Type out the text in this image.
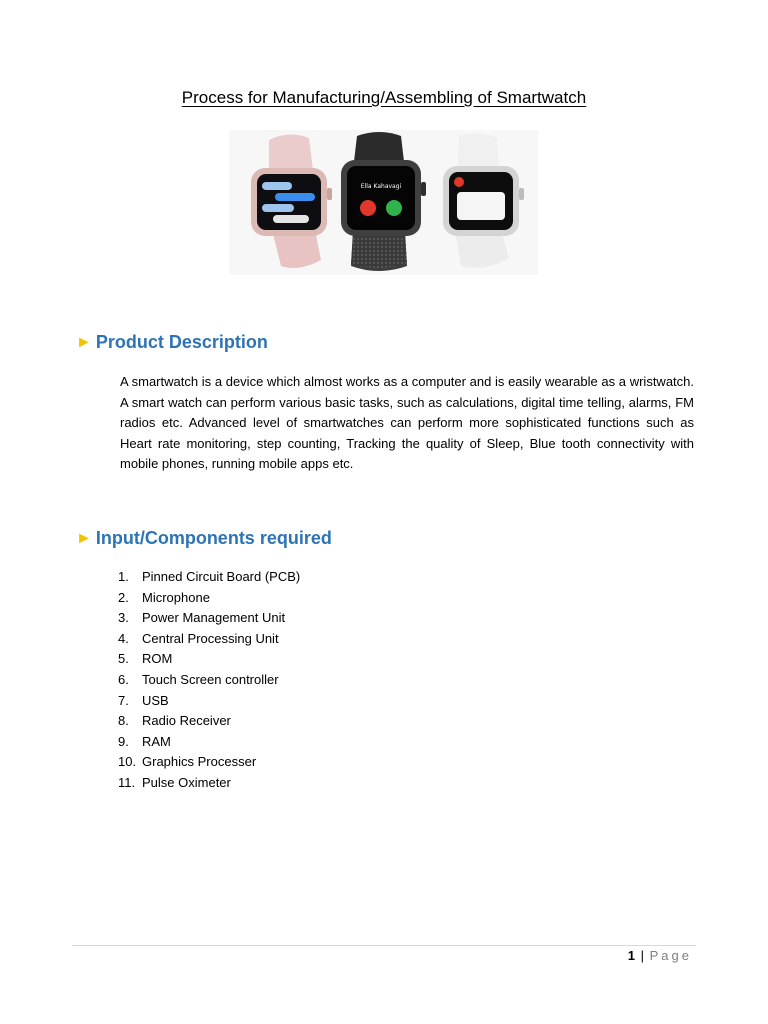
Process for Manufacturing/Assembling of Smartwatch
Ella Kahavagi
► Product Description

A smartwatch is a device which almost works as a computer and is easily wearable as a wristwatch. A smart watch can perform various basic tasks, such as calculations, digital time telling, alarms, FM radios etc. Advanced level of smartwatches can perform more sophisticated functions such as Heart rate monitoring, step counting, Tracking the quality of Sleep, Blue tooth connectivity with mobile phones, running mobile apps etc.

► Input/Components required
1.	Pinned Circuit Board (PCB)
2.	Microphone
3.	Power Management Unit
4.	Central Processing Unit
5.	ROM
6.	Touch Screen controller
7.	USB
8.	Radio Receiver
9.	RAM
10. Graphics Processer
11. Pulse Oximeter
1 | Page
